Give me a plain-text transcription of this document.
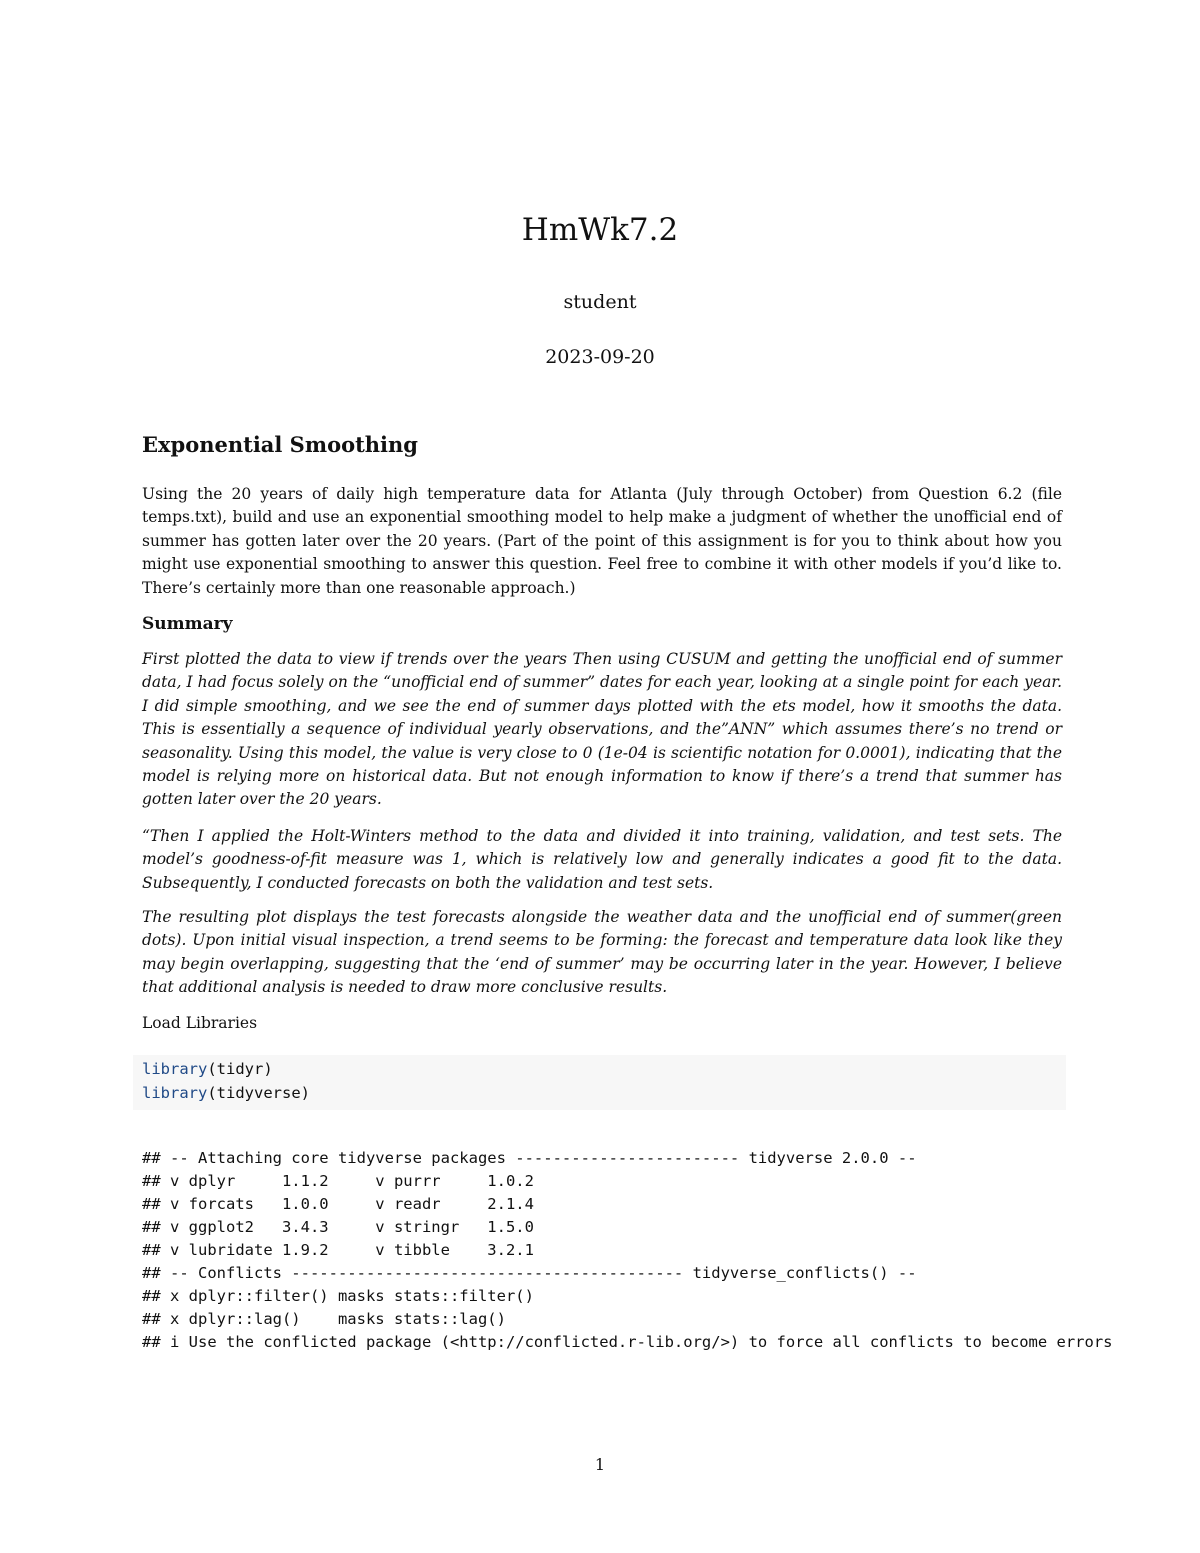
HmWk7.2
student
2023-09-20
Exponential Smoothing

Using the 20 years of daily high temperature data for Atlanta (July through October) from Question 6.2 (file temps.txt), build and use an exponential smoothing model to help make a judgment of whether the unofficial end of summer has gotten later over the 20 years. (Part of the point of this assignment is for you to think about how you might use exponential smoothing to answer this question. Feel free to combine it with other models if you’d like to. There’s certainly more than one reasonable approach.)

Summary

First plotted the data to view if trends over the years Then using CUSUM and getting the unofficial end of summer data, I had focus solely on the “unofficial end of summer” dates for each year, looking at a single point for each year. I did simple smoothing, and we see the end of summer days plotted with the ets model, how it smooths the data. This is essentially a sequence of individual yearly observations, and the”ANN” which assumes there’s no trend or seasonality. Using this model, the value is very close to 0 (1e-04 is scientific notation for 0.0001), indicating that the model is relying more on historical data. But not enough information to know if there’s a trend that summer has gotten later over the 20 years.

“Then I applied the Holt-Winters method to the data and divided it into training, validation, and test sets. The model’s goodness-of-fit measure was 1, which is relatively low and generally indicates a good fit to the data. Subsequently, I conducted forecasts on both the validation and test sets.

The resulting plot displays the test forecasts alongside the weather data and the unofficial end of summer(green dots). Upon initial visual inspection, a trend seems to be forming: the forecast and temperature data look like they may begin overlapping, suggesting that the ‘end of summer’ may be occurring later in the year. However, I believe that additional analysis is needed to draw more conclusive results.

Load Libraries

library(tidyr)
library(tidyverse)
## -- Attaching core tidyverse packages ------------------------ tidyverse 2.0.0 --
## v dplyr     1.1.2     v purrr     1.0.2
## v forcats   1.0.0     v readr     2.1.4
## v ggplot2   3.4.3     v stringr   1.5.0
## v lubridate 1.9.2     v tibble    3.2.1
## -- Conflicts ------------------------------------------ tidyverse_conflicts() --
## x dplyr::filter() masks stats::filter()
## x dplyr::lag()    masks stats::lag()
## i Use the conflicted package (<http://conflicted.r-lib.org/>) to force all conflicts to become errors
1
